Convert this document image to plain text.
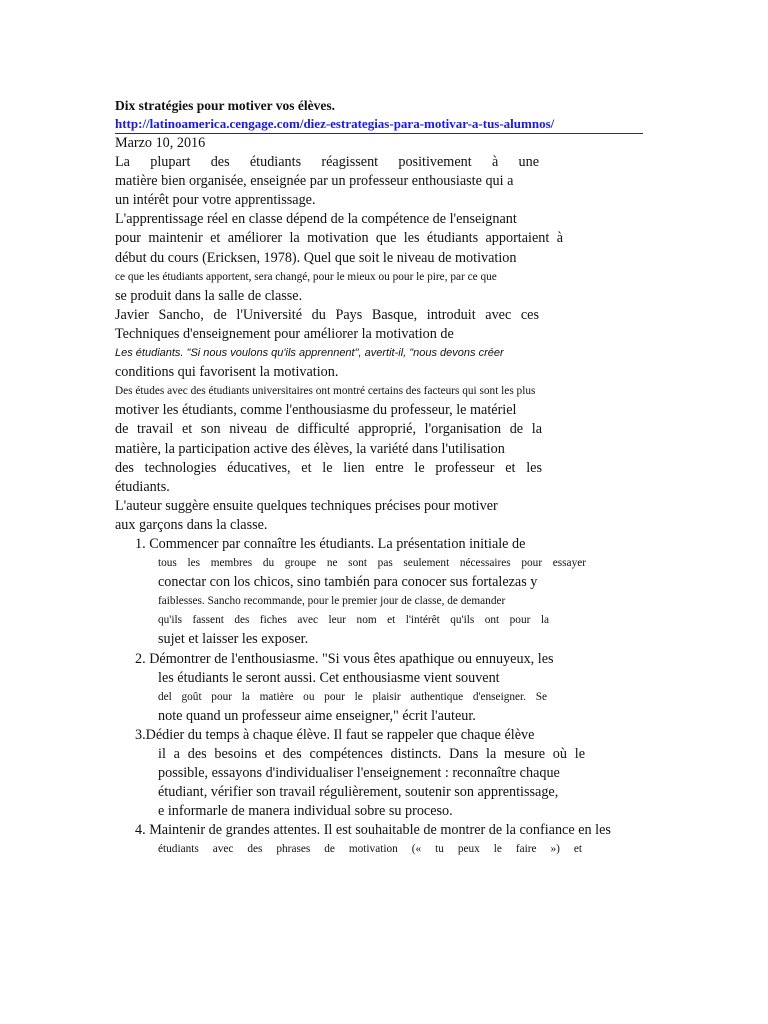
Dix stratégies pour motiver vos élèves.
http://latinoamerica.cengage.com/diez-estrategias-para-motivar-a-tus-alumnos/
Marzo 10, 2016
La plupart des étudiants réagissent positivement à une
matière bien organisée, enseignée par un professeur enthousiaste qui a
un intérêt pour votre apprentissage.
L'apprentissage réel en classe dépend de la compétence de l'enseignant
pour maintenir et améliorer la motivation que les étudiants apportaient à
début du cours (Ericksen, 1978). Quel que soit le niveau de motivation
ce que les étudiants apportent, sera changé, pour le mieux ou pour le pire, par ce que
se produit dans la salle de classe.
Javier Sancho, de l'Université du Pays Basque, introduit avec ces
Techniques d'enseignement pour améliorer la motivation de
Les étudiants. "Si nous voulons qu'ils apprennent", avertit-il, "nous devons créer
conditions qui favorisent la motivation.
Des études avec des étudiants universitaires ont montré certains des facteurs qui sont les plus
motiver les étudiants, comme l'enthousiasme du professeur, le matériel
de travail et son niveau de difficulté approprié, l'organisation de la
matière, la participation active des élèves, la variété dans l'utilisation
des technologies éducatives, et le lien entre le professeur et les
étudiants.
L'auteur suggère ensuite quelques techniques précises pour motiver
aux garçons dans la classe.
1. Commencer par connaître les étudiants. La présentation initiale de
tous les membres du groupe ne sont pas seulement nécessaires pour essayer
conectar con los chicos, sino también para conocer sus fortalezas y
faiblesses. Sancho recommande, pour le premier jour de classe, de demander
qu'ils fassent des fiches avec leur nom et l'intérêt qu'ils ont pour la
sujet et laisser les exposer.
2. Démontrer de l'enthousiasme. "Si vous êtes apathique ou ennuyeux, les
les étudiants le seront aussi. Cet enthousiasme vient souvent
del goût pour la matière ou pour le plaisir authentique d'enseigner. Se
note quand un professeur aime enseigner," écrit l'auteur.
3.Dédier du temps à chaque élève. Il faut se rappeler que chaque élève
il a des besoins et des compétences distincts. Dans la mesure où le
possible, essayons d'individualiser l'enseignement : reconnaître chaque
étudiant, vérifier son travail régulièrement, soutenir son apprentissage,
e informarle de manera individual sobre su proceso.
4. Maintenir de grandes attentes. Il est souhaitable de montrer de la confiance en les
étudiants avec des phrases de motivation (« tu peux le faire ») et
